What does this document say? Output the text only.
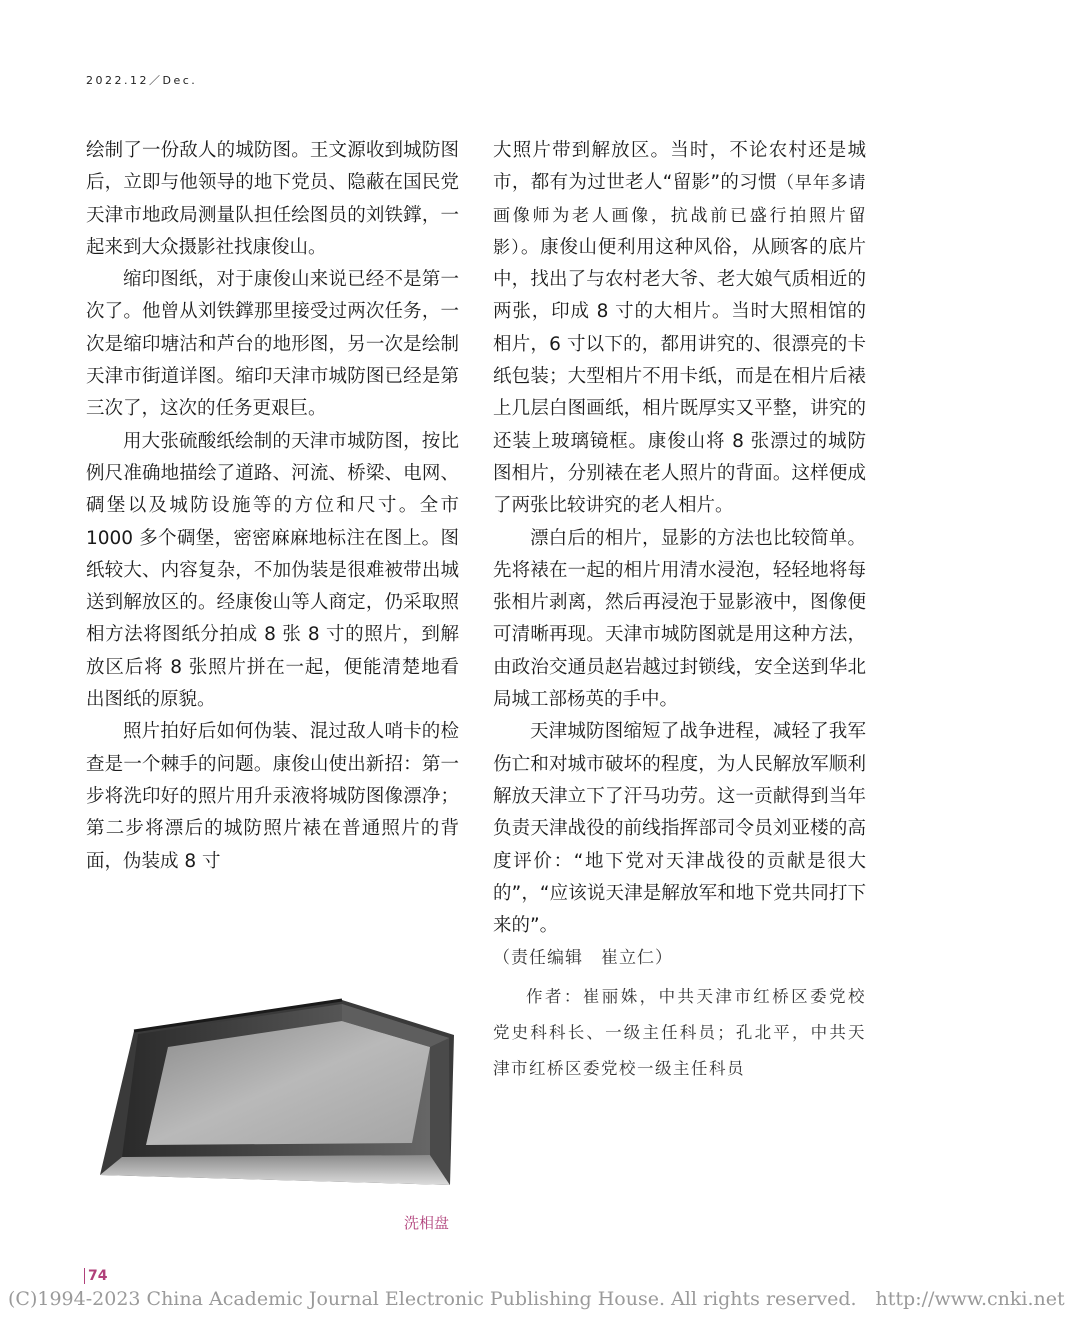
2022.12／Dec.

绘制了一份敌人的城防图。王文源收到城防图后，立即与他领导的地下党员、隐蔽在国民党天津市地政局测量队担任绘图员的刘铁鐣，一起来到大众摄影社找康俊山。

缩印图纸，对于康俊山来说已经不是第一次了。他曾从刘铁鐣那里接受过两次任务，一次是缩印塘沽和芦台的地形图，另一次是绘制天津市街道详图。缩印天津市城防图已经是第三次了，这次的任务更艰巨。

用大张硫酸纸绘制的天津市城防图，按比例尺准确地描绘了道路、河流、桥梁、电网、碉堡以及城防设施等的方位和尺寸。全市 1000 多个碉堡，密密麻麻地标注在图上。图纸较大、内容复杂，不加伪装是很难被带出城送到解放区的。经康俊山等人商定，仍采取照相方法将图纸分拍成 8 张 8 寸的照片，到解放区后将 8 张照片拼在一起，便能清楚地看出图纸的原貌。

照片拍好后如何伪装、混过敌人哨卡的检查是一个棘手的问题。康俊山使出新招：第一步将洗印好的照片用升汞液将城防图像漂净；第二步将漂后的城防照片裱在普通照片的背面，伪装成 8 寸

洗相盘

大照片带到解放区。当时，不论农村还是城市，都有为过世老人“留影”的习惯（早年多请画像师为老人画像，抗战前已盛行拍照片留影）。康俊山便利用这种风俗，从顾客的底片中，找出了与农村老大爷、老大娘气质相近的两张，印成 8 寸的大相片。当时大照相馆的相片，6 寸以下的，都用讲究的、很漂亮的卡纸包装；大型相片不用卡纸，而是在相片后裱上几层白图画纸，相片既厚实又平整，讲究的还装上玻璃镜框。康俊山将 8 张漂过的城防图相片，分别裱在老人照片的背面。这样便成了两张比较讲究的老人相片。

漂白后的相片，显影的方法也比较简单。先将裱在一起的相片用清水浸泡，轻轻地将每张相片剥离，然后再浸泡于显影液中，图像便可清晰再现。天津市城防图就是用这种方法，由政治交通员赵岩越过封锁线，安全送到华北局城工部杨英的手中。

天津城防图缩短了战争进程，减轻了我军伤亡和对城市破坏的程度，为人民解放军顺利解放天津立下了汗马功劳。这一贡献得到当年负责天津战役的前线指挥部司令员刘亚楼的高度评价：“地下党对天津战役的贡献是很大的”，“应该说天津是解放军和地下党共同打下来的”。

（责任编辑　崔立仁）

作者：崔丽姝，中共天津市红桥区委党校党史科科长、一级主任科员；孔北平，中共天津市红桥区委党校一级主任科员

74
(C)1994-2023 China Academic Journal Electronic Publishing House. All rights reserved.　http://www.cnki.net
